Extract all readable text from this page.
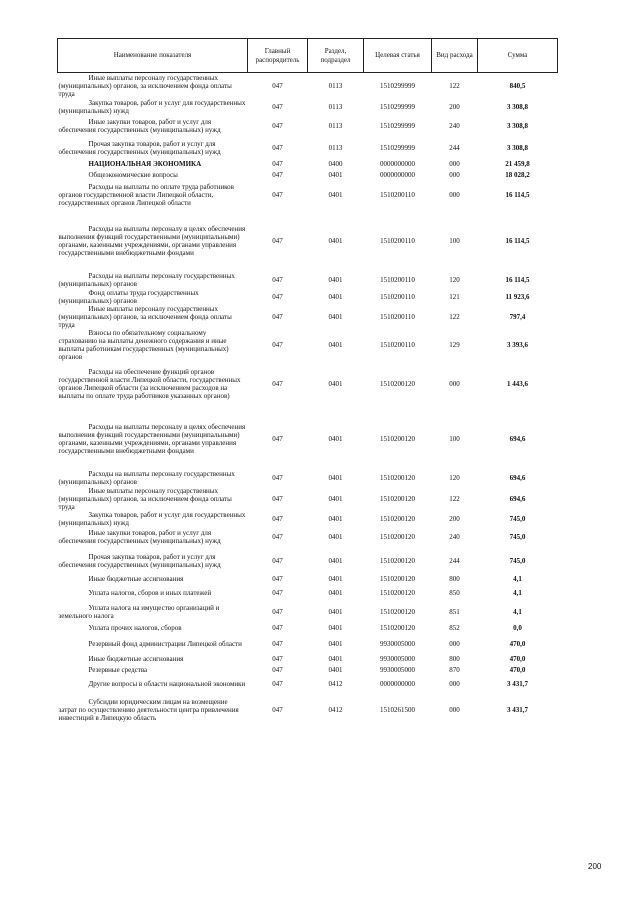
Наименование показателя	Главный распорядитель	Раздел, подраздел	Целевая статья	Вид расхода	Сумма
Иные выплаты персоналу государственных (муниципальных) органов, за исключением фонда оплаты труда	047	0113	1510299999	122	840,5
Закупка товаров, работ и услуг для государственных (муниципальных) нужд	047	0113	1510299999	200	3 308,8
Иные закупки товаров, работ и услуг для обеспечения государственных (муниципальных) нужд	047	0113	1510299999	240	3 308,8
Прочая закупка товаров, работ и услуг для обеспечения государственных (муниципальных) нужд	047	0113	1510299999	244	3 308,8
НАЦИОНАЛЬНАЯ ЭКОНОМИКА	047	0400	0000000000	000	21 459,8
Общеэкономические вопросы	047	0401	0000000000	000	18 028,2
Расходы на выплаты по оплате труда работников органов государственной власти Липецкой области, государственных органов Липецкой области	047	0401	1510200110	000	16 114,5
Расходы на выплаты персоналу в целях обеспечения выполнения функций государственными (муниципальными) органами, казенными учреждениями, органами управления государственными внебюджетными фондами	047	0401	1510200110	100	16 114,5
Расходы на выплаты персоналу государственных (муниципальных) органов	047	0401	1510200110	120	16 114,5
Фонд оплаты труда государственных (муниципальных) органов	047	0401	1510200110	121	11 923,6
Иные выплаты персоналу государственных (муниципальных) органов, за исключением фонда оплаты труда	047	0401	1510200110	122	797,4
Взносы по обязательному социальному страхованию на выплаты денежного содержания и иные выплаты работникам государственных (муниципальных) органов	047	0401	1510200110	129	3 393,6
Расходы на обеспечение функций органов государственной власти Липецкой области, государственных органов Липецкой области (за исключением расходов на выплаты по оплате труда работников указанных органов)	047	0401	1510200120	000	1 443,6
Расходы на выплаты персоналу в целях обеспечения выполнения функций государственными (муниципальными) органами, казенными учреждениями, органами управления государственными внебюджетными фондами	047	0401	1510200120	100	694,6
Расходы на выплаты персоналу государственных (муниципальных) органов	047	0401	1510200120	120	694,6
Иные выплаты персоналу государственных (муниципальных) органов, за исключением фонда оплаты труда	047	0401	1510200120	122	694,6
Закупка товаров, работ и услуг для государственных (муниципальных) нужд	047	0401	1510200120	200	745,0
Иные закупки товаров, работ и услуг для обеспечения государственных (муниципальных) нужд	047	0401	1510200120	240	745,0
Прочая закупка товаров, работ и услуг для обеспечения государственных (муниципальных) нужд	047	0401	1510200120	244	745,0
Иные бюджетные ассигнования	047	0401	1510200120	800	4,1
Уплата налогов, сборов и иных платежей	047	0401	1510200120	850	4,1
Уплата налога на имущество организаций и земельного налога	047	0401	1510200120	851	4,1
Уплата прочих налогов, сборов	047	0401	1510200120	852	0,0
Резервный фонд администрации Липецкой области	047	0401	9930005000	000	470,0
Иные бюджетные ассигнования	047	0401	9930005000	800	470,0
Резервные средства	047	0401	9930005000	870	470,0
Другие вопросы в области национальной экономики	047	0412	0000000000	000	3 431,7
Субсидии юридическим лицам на возмещение затрат по осуществлению деятельности центра привлечения инвестиций в Липецкую область	047	0412	1510261500	000	3 431,7
200
